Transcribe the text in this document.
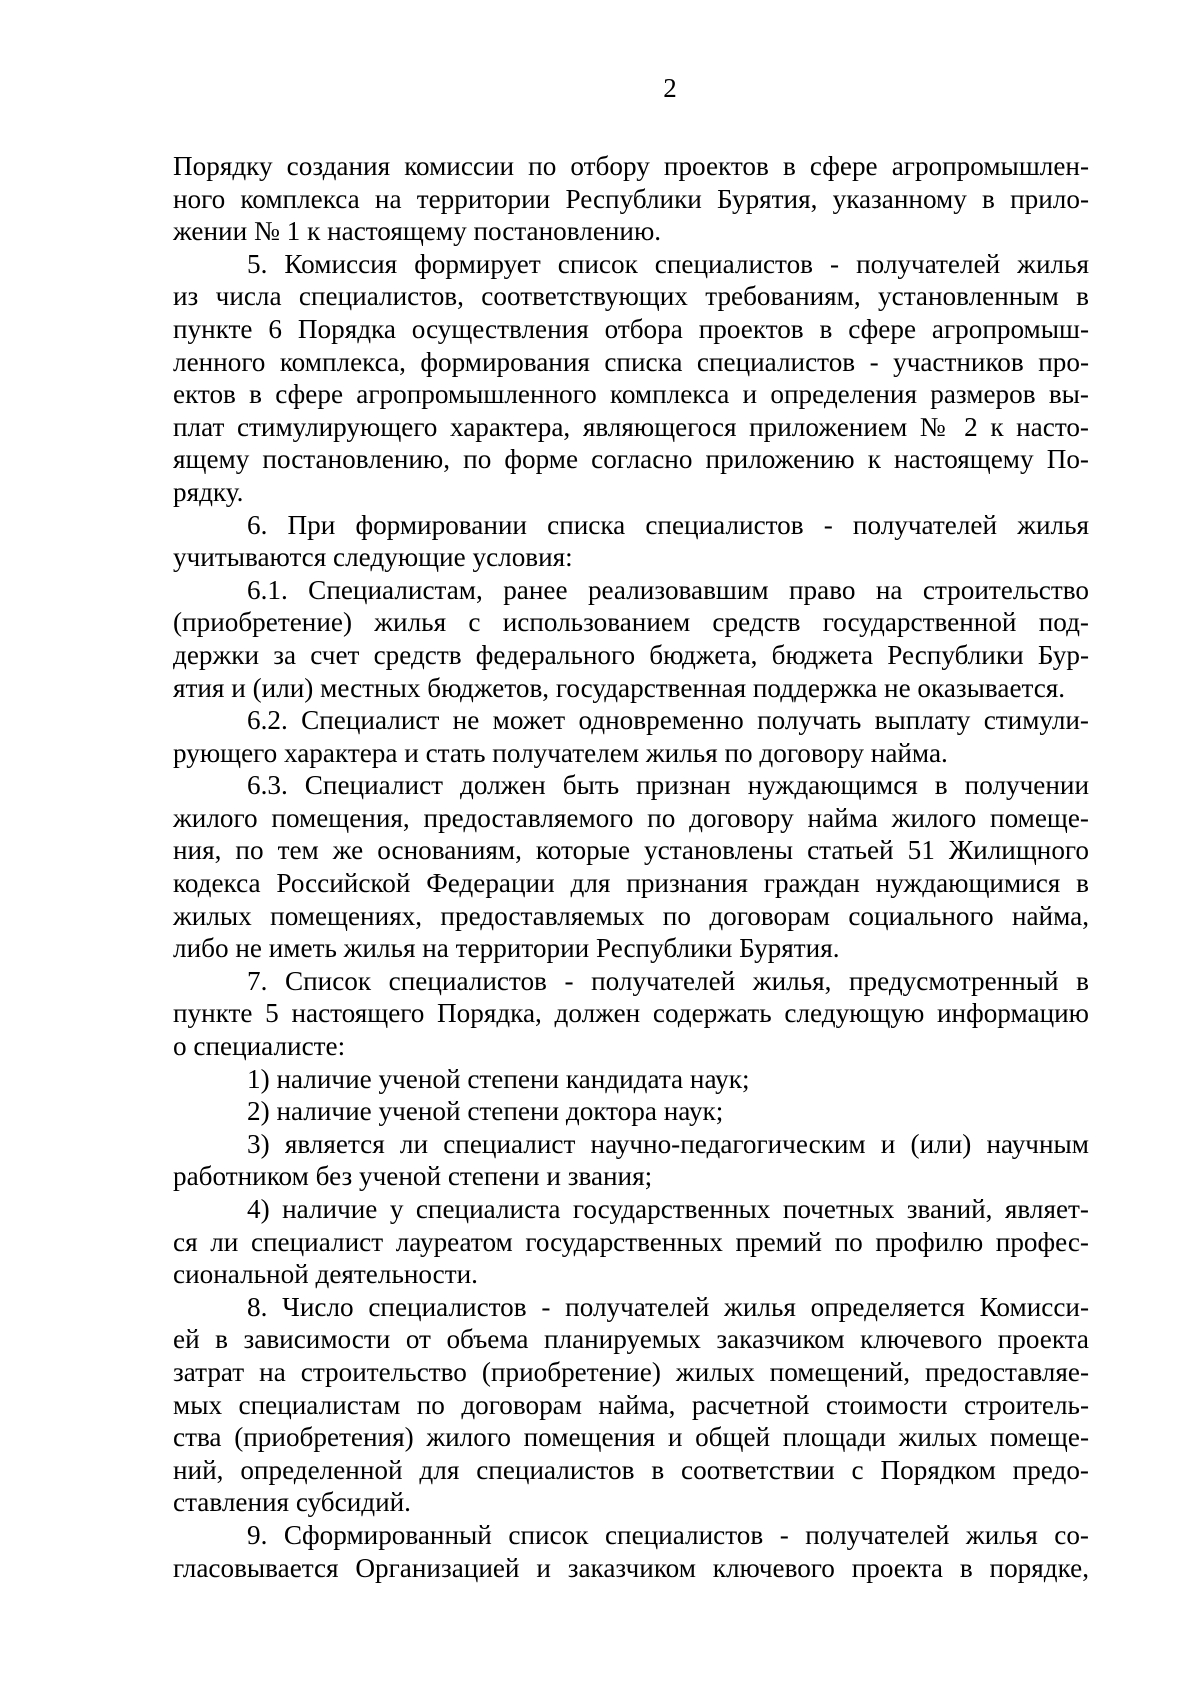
2
Порядку создания комиссии по отбору проектов в сфере агропромышлен-
ного комплекса на территории Республики Бурятия, указанному в прило-
жении № 1 к настоящему постановлению.
5. Комиссия формирует список специалистов - получателей жилья
из числа специалистов, соответствующих требованиям, установленным в
пункте 6 Порядка осуществления отбора проектов в сфере агропромыш-
ленного комплекса, формирования списка специалистов - участников про-
ектов в сфере агропромышленного комплекса и определения размеров вы-
плат стимулирующего характера, являющегося приложением № 2 к насто-
ящему постановлению, по форме согласно приложению к настоящему По-
рядку.
6. При формировании списка специалистов - получателей жилья
учитываются следующие условия:
6.1. Специалистам, ранее реализовавшим право на строительство
(приобретение) жилья с использованием средств государственной под-
держки за счет средств федерального бюджета, бюджета Республики Бур-
ятия и (или) местных бюджетов, государственная поддержка не оказывается.
6.2. Специалист не может одновременно получать выплату стимули-
рующего характера и стать получателем жилья по договору найма.
6.3. Специалист должен быть признан нуждающимся в получении
жилого помещения, предоставляемого по договору найма жилого помеще-
ния, по тем же основаниям, которые установлены статьей 51 Жилищного
кодекса Российской Федерации для признания граждан нуждающимися в
жилых помещениях, предоставляемых по договорам социального найма,
либо не иметь жилья на территории Республики Бурятия.
7. Список специалистов - получателей жилья, предусмотренный в
пункте 5 настоящего Порядка, должен содержать следующую информацию
о специалисте:
1) наличие ученой степени кандидата наук;
2) наличие ученой степени доктора наук;
3) является ли специалист научно-педагогическим и (или) научным
работником без ученой степени и звания;
4) наличие у специалиста государственных почетных званий, являет-
ся ли специалист лауреатом государственных премий по профилю профес-
сиональной деятельности.
8. Число специалистов - получателей жилья определяется Комисси-
ей в зависимости от объема планируемых заказчиком ключевого проекта
затрат на строительство (приобретение) жилых помещений, предоставляе-
мых специалистам по договорам найма, расчетной стоимости строитель-
ства (приобретения) жилого помещения и общей площади жилых помеще-
ний, определенной для специалистов в соответствии с Порядком предо-
ставления субсидий.
9. Сформированный список специалистов - получателей жилья со-
гласовывается Организацией и заказчиком ключевого проекта в порядке,
